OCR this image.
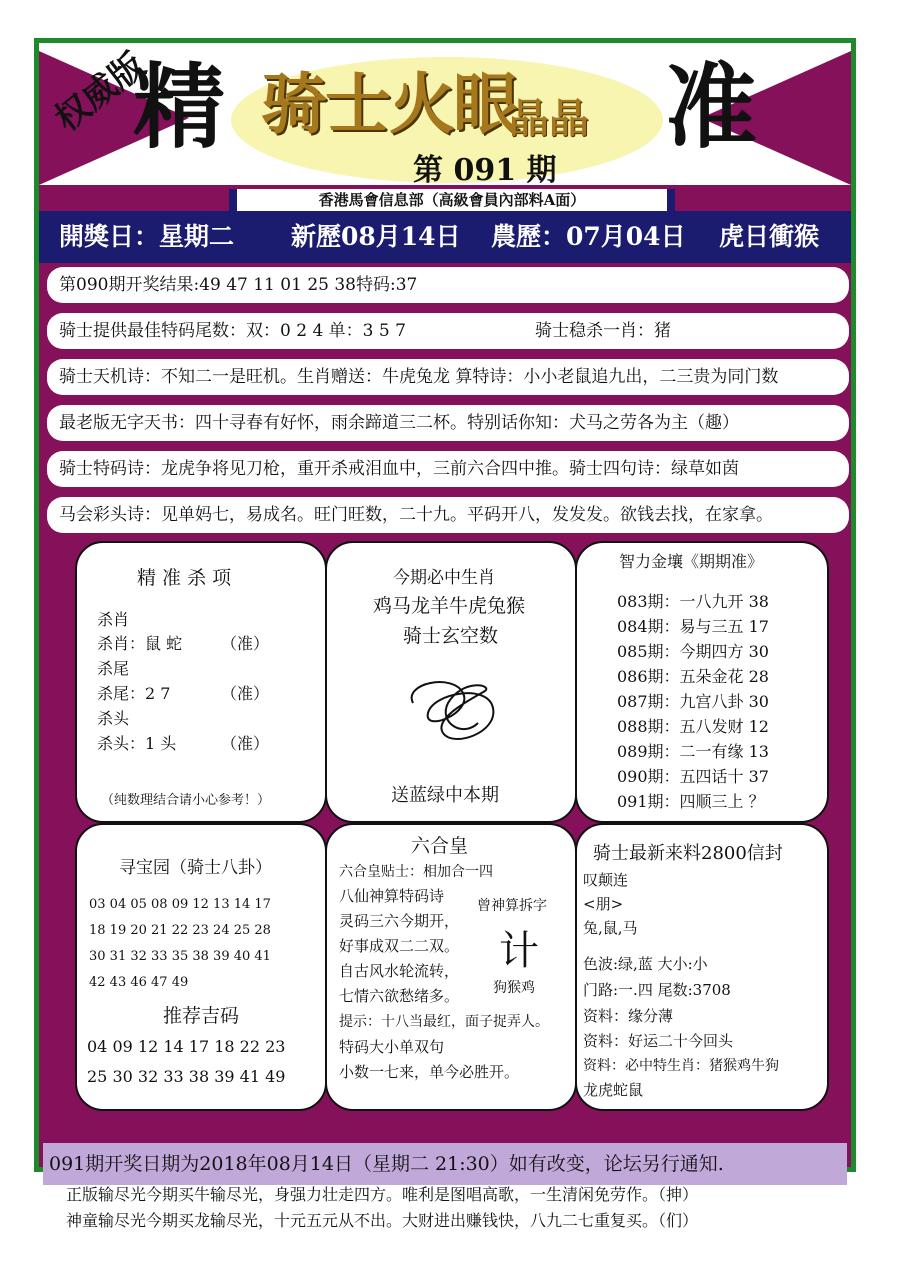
权威版
精	准
骑士火眼
晶晶
第 091 期
香港馬會信息部（高級會員內部料A面）
開獎日：星期二 新歷08月14日 農歷：07月04日 虎日衝猴
第090期开奖结果:49 47 11 01 25 38特码:37
骑士提供最佳特码尾数：双：0 2 4 单：3 5 7	骑士稳杀一肖：猪
骑士天机诗：不知二一是旺机。生肖赠送：牛虎兔龙 算特诗：小小老鼠追九出，二三贵为同门数
最老版无字天书：四十寻春有好怀，雨余蹄道三二杯。特别话你知：犬马之劳各为主（趣）
骑士特码诗：龙虎争将见刀枪，重开杀戒泪血中，三前六合四中推。骑士四句诗：绿草如茵
马会彩头诗：见单妈七，易成名。旺门旺数，二十九。平码开八，发发发。欲钱去找，在家拿。
精 准 杀 项
杀肖
杀肖：鼠 蛇 （准）
杀尾
杀尾：2 7	（准）
杀头
杀头：1 头	（准）
（纯数理结合请小心参考！）
今期必中生肖
鸡马龙羊牛虎兔猴
骑士玄空数
送蓝绿中本期
智力金壤《期期准》
083期：一八九开 38
084期：易与三五 17
085期：今期四方 30
086期：五朵金花 28
087期：九宫八卦 30
088期：五八发财 12
089期：二一有缘 13
090期：五四话十 37
091期：四顺三上 ？
寻宝园（骑士八卦）
03 04 05 08 09 12 13 14 17
18 19 20 21 22 23 24 25 28
30 31 32 33 35 38 39 40 41
42 43 46 47 49
推荐吉码
04 09 12 14 17 18 22 23
25 30 32 33 38 39 41 49
六合皇
六合皇贴士：相加合一四
八仙神算特码诗
灵码三六今期开，
好事成双二二双。
自古风水轮流转，
七情六欲愁绪多。
提示：十八当最红，面子捉弄人。
特码大小单双句
小数一七来，单今必胜开。
曾神算拆字
计
狗猴鸡
骑士最新来料2800信封
叹颠连
<朋>
兔,鼠,马
色波:绿,蓝 大小:小
门路:一.四 尾数:3708
资料：缘分薄
资料：好运二十今回头
资料：必中特生肖：猪猴鸡牛狗
龙虎蛇鼠
091期开奖日期为2018年08月14日（星期二 21:30）如有改变，论坛另行通知.
正版输尽光今期买牛输尽光，身强力壮走四方。唯利是图唱高歌，一生清闲免劳作。（抻）
神童输尽光今期买龙输尽光，十元五元从不出。大财进出赚钱快，八九二七重复买。（们）
